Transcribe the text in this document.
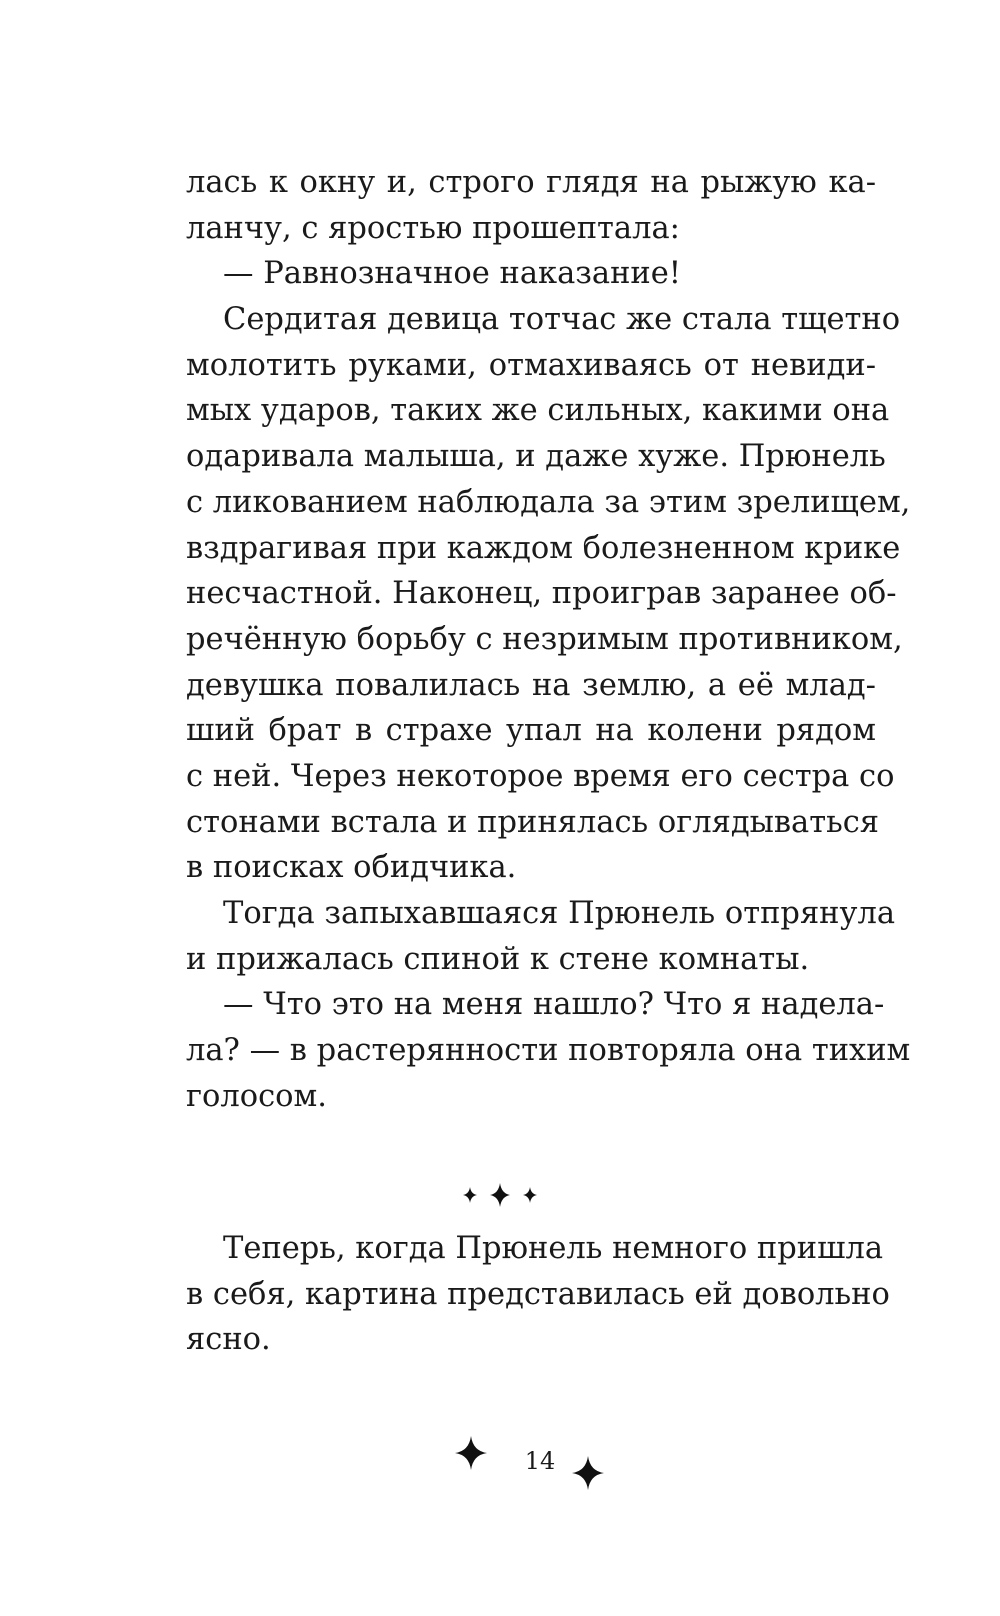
лась к окну и, строго глядя на рыжую ка-
ланчу, с яростью прошептала:
— Равнозначное наказание!
Сердитая девица тотчас же стала тщетно
молотить руками, отмахиваясь от невиди-
мых ударов, таких же сильных, какими она
одаривала малыша, и даже хуже. Прюнель
с ликованием наблюдала за этим зрелищем,
вздрагивая при каждом болезненном крике
несчастной. Наконец, проиграв заранее об-
речённую борьбу с незримым противником,
девушка повалилась на землю, а её млад-
ший брат в страхе упал на колени рядом
с ней. Через некоторое время его сестра со
стонами встала и принялась оглядываться
в поисках обидчика.
Тогда запыхавшаяся Прюнель отпрянула
и прижалась спиной к стене комнаты.
— Что это на меня нашло? Что я надела-
ла? — в растерянности повторяла она тихим
голосом.
Теперь, когда Прюнель немного пришла
в себя, картина представилась ей довольно
ясно.
14
